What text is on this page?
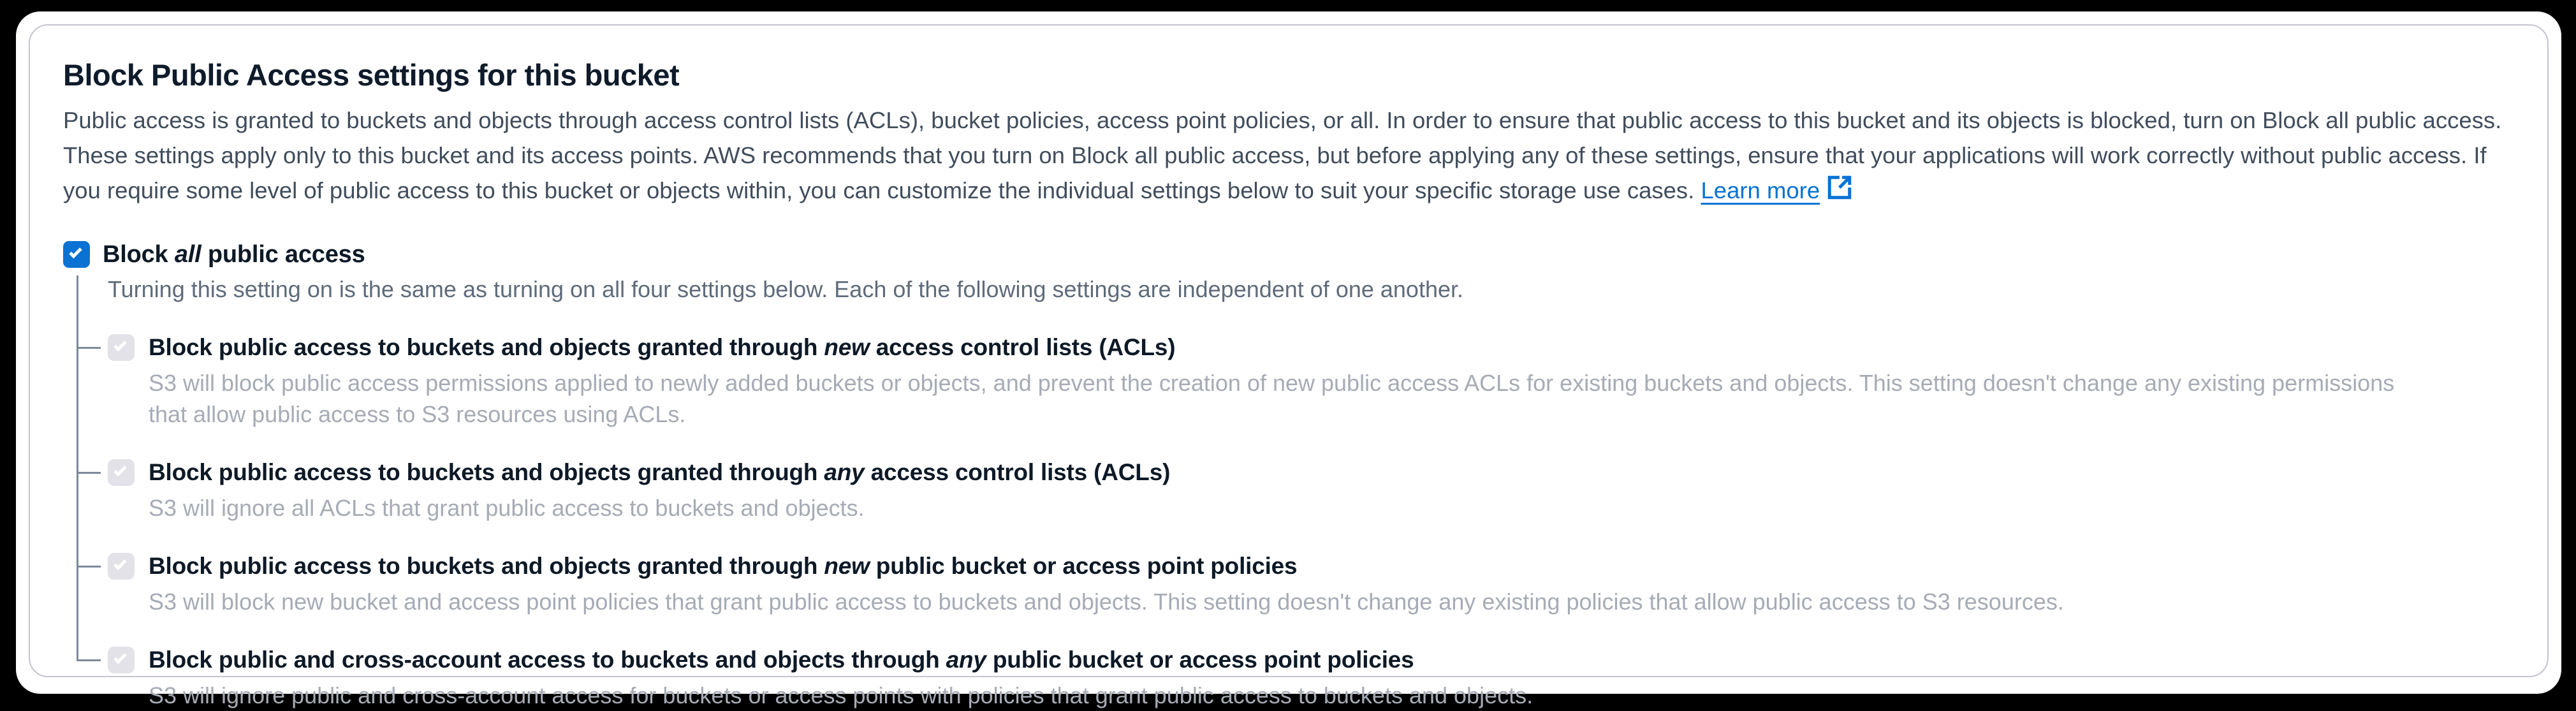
Block Public Access settings for this bucket

Public access is granted to buckets and objects through access control lists (ACLs), bucket policies, access point policies, or all. In order to ensure that public access to this bucket and its objects is blocked, turn on Block all public access. These settings apply only to this bucket and its access points. AWS recommends that you turn on Block all public access, but before applying any of these settings, ensure that your applications will work correctly without public access. If you require some level of public access to this bucket or objects within, you can customize the individual settings below to suit your specific storage use cases. Learn more

Block all public access
Turning this setting on is the same as turning on all four settings below. Each of the following settings are independent of one another.
Block public access to buckets and objects granted through new access control lists (ACLs)
S3 will block public access permissions applied to newly added buckets or objects, and prevent the creation of new public access ACLs for existing buckets and objects. This setting doesn't change any existing permissions that allow public access to S3 resources using ACLs.
Block public access to buckets and objects granted through any access control lists (ACLs)
S3 will ignore all ACLs that grant public access to buckets and objects.
Block public access to buckets and objects granted through new public bucket or access point policies
S3 will block new bucket and access point policies that grant public access to buckets and objects. This setting doesn't change any existing policies that allow public access to S3 resources.
Block public and cross-account access to buckets and objects through any public bucket or access point policies
S3 will ignore public and cross-account access for buckets or access points with policies that grant public access to buckets and objects.
